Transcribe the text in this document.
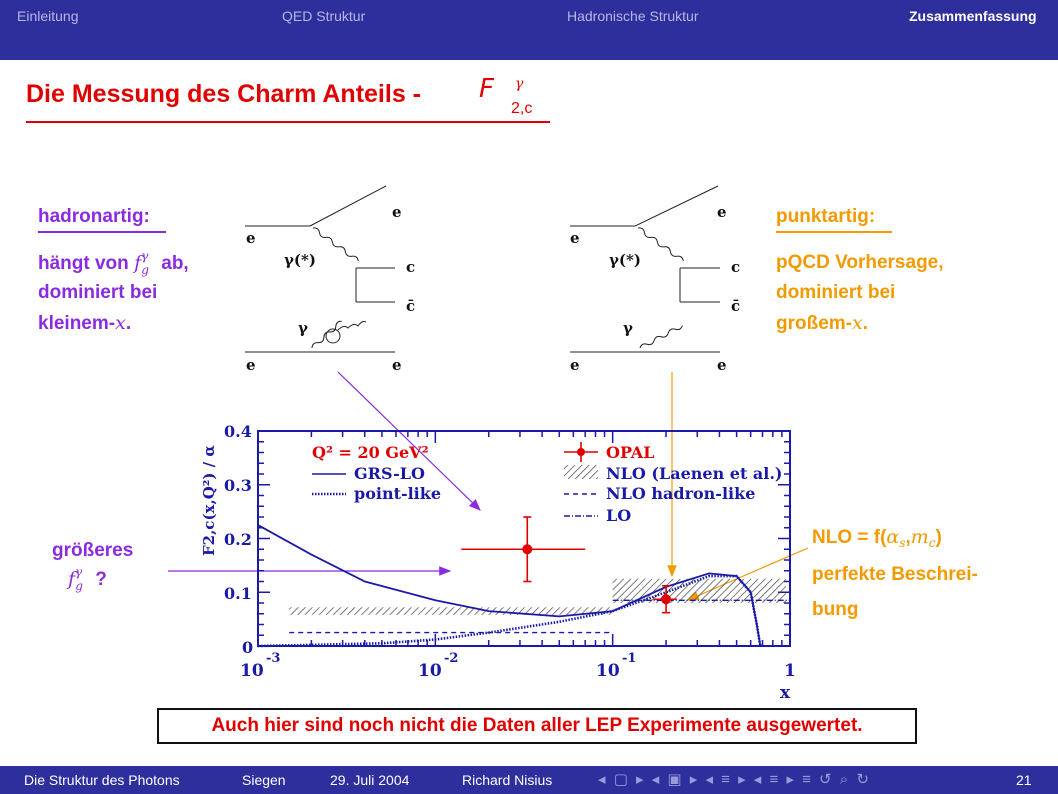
Einleitung	QED Struktur	Hadronische Struktur	Zusammenfassung
Die Messung des Charm Anteils - F γ
2,c
hadronartig:
hängt von $f^\gamma_g$ ab,
dominiert bei
kleinem-x.
punktartig:
pQCD Vorhersage,
dominiert bei
großem-x.
größeres
$f^\gamma_g$ ?
NLO = $f(\alpha_s,m_c)$
perfekte Beschrei-
bung
e
e
γ(*)	c
c̄
γ
e	e
e
e
γ(*)	c
c̄
γ
e	e
0.4
0.3
0.2
0.1
0
10
-3
10
-2
10
-1
1
x
F2,c(x,Q²) / α	Q² = 20 GeV²
GRS-LO
point-like
OPAL
NLO (Laenen et al.)
NLO hadron-like
LO
Auch hier sind noch nicht die Daten aller LEP Experimente ausgewertet.
Die Struktur des Photons	Siegen	29. Juli 2004	Richard Nisius	◂ ▢ ▸ ◂ ▣ ▸ ◂ ≡ ▸ ◂ ≡ ▸ ≡ ↺ ⌕ ↻	21
